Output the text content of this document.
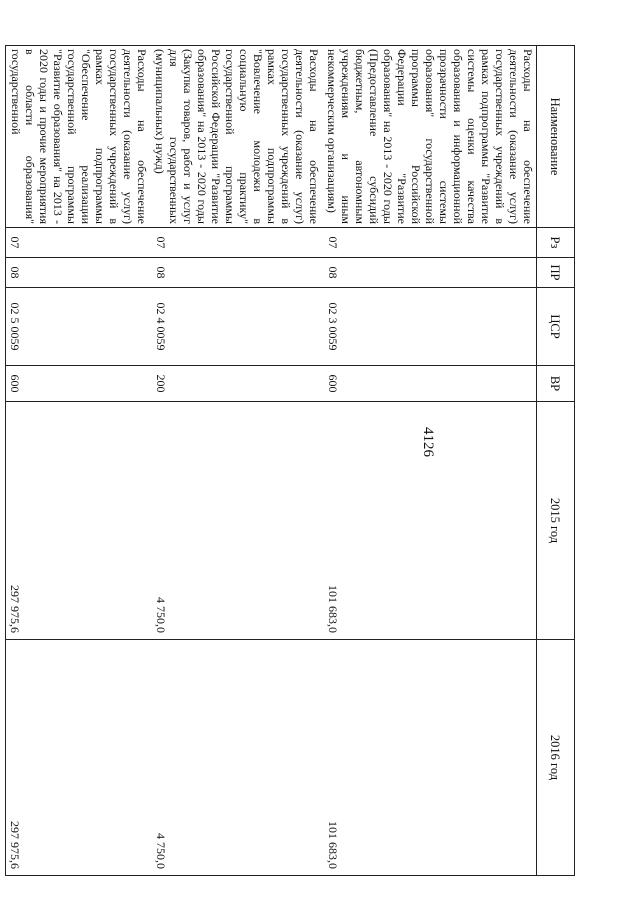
4126
Наименование	Рз	ПР	ЦСР	ВР	2015 год	2016 год
Расходы на обеспечение деятельности (оказание услуг) государственных учреждений в рамках подпрограммы "Развитие системы оценки качества образования и информационной прозрачности системы образования" государственной программы Российской Федерации "Развитие образования" на 2013 - 2020 годы (Предоставление субсидий бюджетным, автономным учреждениям и иным некоммерческим организациям)	07	08	02 3 0059	600	101 683,0	101 683,0
Расходы на обеспечение деятельности (оказание услуг) государственных учреждений в рамках подпрограммы "Вовлечение молодежи в социальную практику" государственной программы Российской Федерации "Развитие образования" на 2013 - 2020 годы (Закупка товаров, работ и услуг для государственных (муниципальных) нужд)	07	08	02 4 0059	200	4 750,0	4 750,0
Расходы на обеспечение деятельности (оказание услуг) государственных учреждений в рамках подпрограммы "Обеспечение реализации государственной программы "Развитие образования" на 2013 - 2020 годы и прочие мероприятия в области образования" государственной	07	08	02 5 0059	600	297 975,6	297 975,6
